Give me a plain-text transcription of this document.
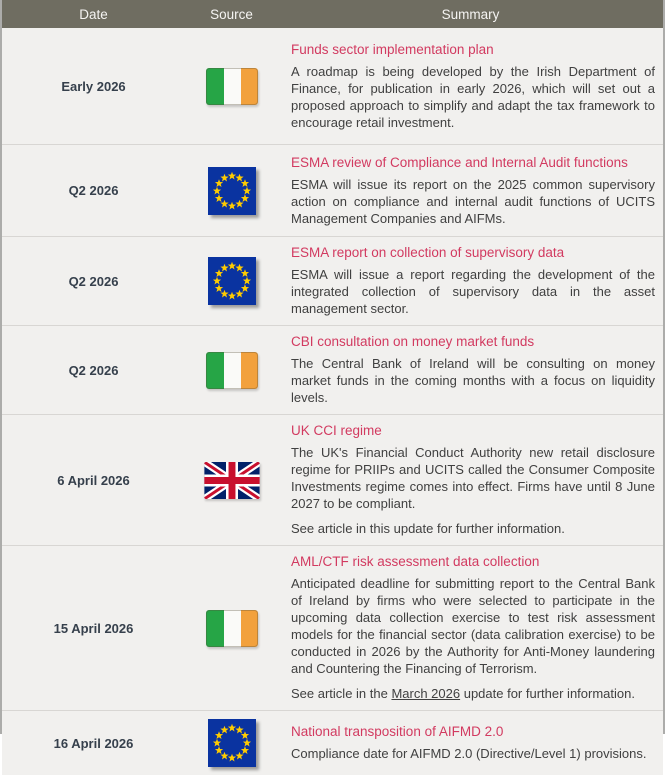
Date	Source	Summary
Early 2026
Funds sector implementation plan

A roadmap is being developed by the Irish Department of Finance, for publication in early 2026, which will set out a proposed approach to simplify and adapt the tax framework to encourage retail investment.

Q2 2026
ESMA review of Compliance and Internal Audit functions

ESMA will issue its report on the 2025 common supervisory action on compliance and internal audit functions of UCITS Management Companies and AIFMs.

Q2 2026
ESMA report on collection of supervisory data

ESMA will issue a report regarding the development of the integrated collection of supervisory data in the asset management sector.

Q2 2026
CBI consultation on money market funds

The Central Bank of Ireland will be consulting on money market funds in the coming months with a focus on liquidity levels.

6 April 2026
UK CCI regime

The UK's Financial Conduct Authority new retail disclosure regime for PRIIPs and UCITS called the Consumer Composite Investments regime comes into effect. Firms have until 8 June 2027 to be compliant.

See article in this update for further information.

15 April 2026
AML/CTF risk assessment data collection

Anticipated deadline for submitting report to the Central Bank of Ireland by firms who were selected to participate in the upcoming data collection exercise to test risk assessment models for the financial sector (data calibration exercise) to be conducted in 2026 by the Authority for Anti-Money laundering and Countering the Financing of Terrorism.

See article in the March 2026 update for further information.

16 April 2026
National transposition of AIFMD 2.0

Compliance date for AIFMD 2.0 (Directive/Level 1) provisions.
